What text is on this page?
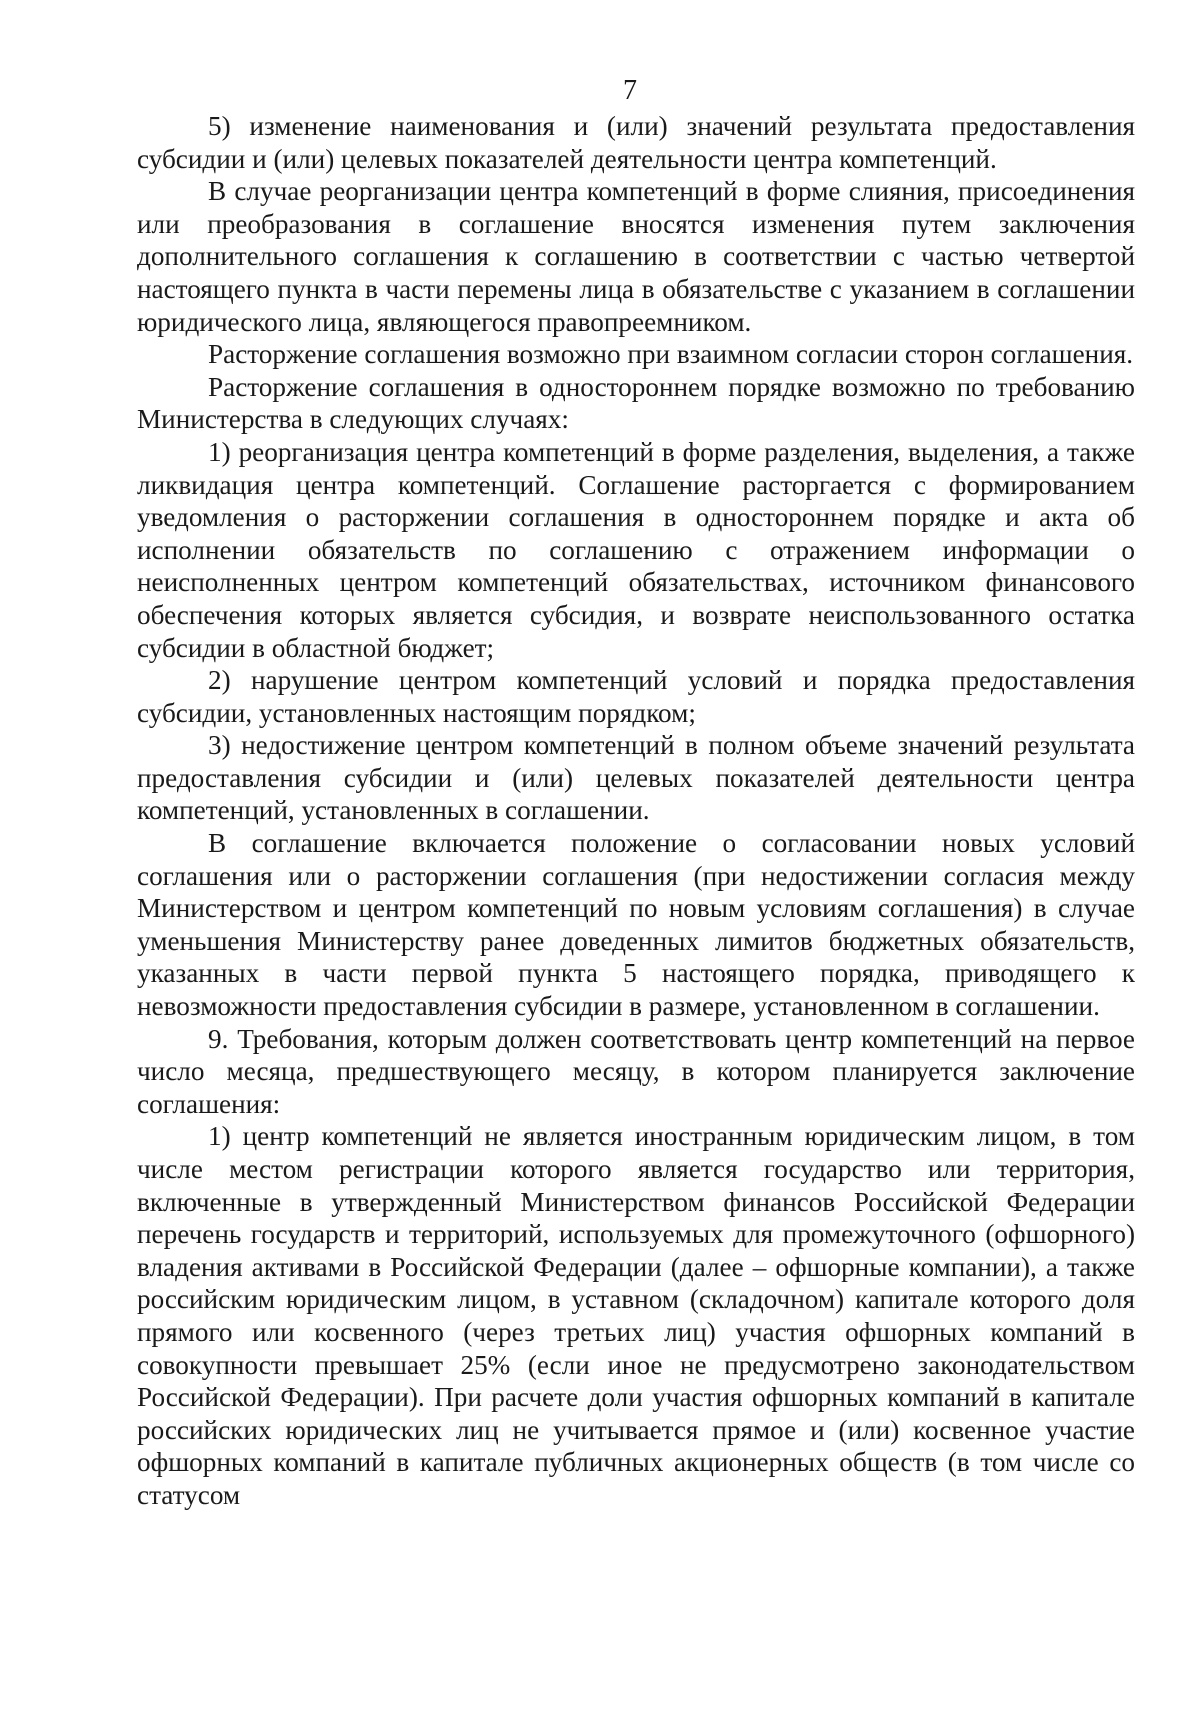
7

5) изменение наименования и (или) значений результата предоставления субсидии и (или) целевых показателей деятельности центра компетенций.

В случае реорганизации центра компетенций в форме слияния, присоединения или преобразования в соглашение вносятся изменения путем заключения дополнительного соглашения к соглашению в соответствии с частью четвертой настоящего пункта в части перемены лица в обязательстве с указанием в соглашении юридического лица, являющегося правопреемником.

Расторжение соглашения возможно при взаимном согласии сторон соглашения.

Расторжение соглашения в одностороннем порядке возможно по требованию Министерства в следующих случаях:

1) реорганизация центра компетенций в форме разделения, выделения, а также ликвидация центра компетенций. Соглашение расторгается с формированием уведомления о расторжении соглашения в одностороннем порядке и акта об исполнении обязательств по соглашению с отражением информации о неисполненных центром компетенций обязательствах, источником финансового обеспечения которых является субсидия, и возврате неиспользованного остатка субсидии в областной бюджет;

2) нарушение центром компетенций условий и порядка предоставления субсидии, установленных настоящим порядком;

3) недостижение центром компетенций в полном объеме значений результата предоставления субсидии и (или) целевых показателей деятельности центра компетенций, установленных в соглашении.

В соглашение включается положение о согласовании новых условий соглашения или о расторжении соглашения (при недостижении согласия между Министерством и центром компетенций по новым условиям соглашения) в случае уменьшения Министерству ранее доведенных лимитов бюджетных обязательств, указанных в части первой пункта 5 настоящего порядка, приводящего к невозможности предоставления субсидии в размере, установленном в соглашении.

9. Требования, которым должен соответствовать центр компетенций на первое число месяца, предшествующего месяцу, в котором планируется заключение соглашения:

1) центр компетенций не является иностранным юридическим лицом, в том числе местом регистрации которого является государство или территория, включенные в утвержденный Министерством финансов Российской Федерации перечень государств и территорий, используемых для промежуточного (офшорного) владения активами в Российской Федерации (далее – офшорные компании), а также российским юридическим лицом, в уставном (складочном) капитале которого доля прямого или косвенного (через третьих лиц) участия офшорных компаний в совокупности превышает 25% (если иное не предусмотрено законодательством Российской Федерации). При расчете доли участия офшорных компаний в капитале российских юридических лиц не учитывается прямое и (или) косвенное участие офшорных компаний в капитале публичных акционерных обществ (в том числе со статусом
